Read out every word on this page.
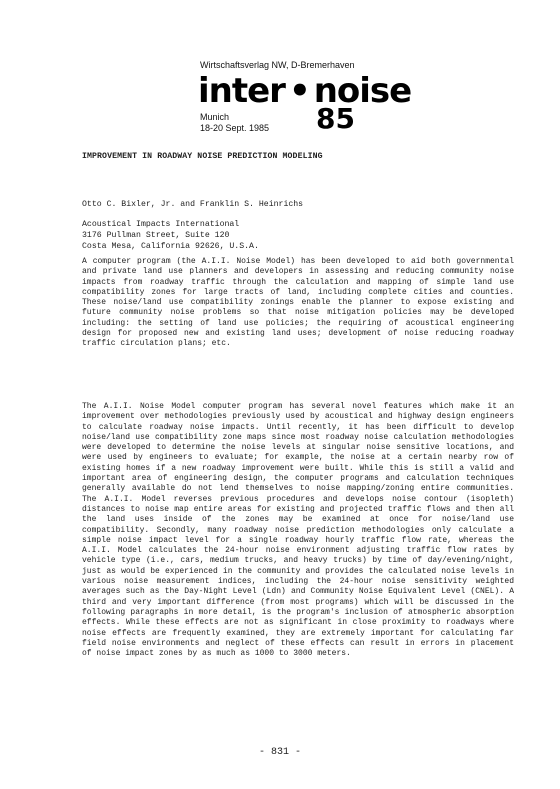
Wirtschaftsverlag NW, D-Bremerhaven
inter • noise
Munich
18-20 Sept. 1985 85
IMPROVEMENT IN ROADWAY NOISE PREDICTION MODELING
Otto C. Bixler, Jr. and Franklin S. Heinrichs
Acoustical Impacts International
3176 Pullman Street, Suite 120
Costa Mesa, California 92626, U.S.A.

A computer program (the A.I.I. Noise Model) has been developed to aid both governmental and private land use planners and developers in assessing and reducing community noise impacts from roadway traffic through the calculation and mapping of simple land use compatibility zones for large tracts of land, including complete cities and counties. These noise/land use compatibility zonings enable the planner to expose existing and future community noise problems so that noise mitigation policies may be developed including: the setting of land use policies; the requiring of acoustical engineering design for proposed new and existing land uses; development of noise reducing roadway traffic circulation plans; etc.

The A.I.I. Noise Model computer program has several novel features which make it an improvement over methodologies previously used by acoustical and highway design engineers to calculate roadway noise impacts. Until recently, it has been difficult to develop noise/land use compatibility zone maps since most roadway noise calculation methodologies were developed to determine the noise levels at singular noise sensitive locations, and were used by engineers to evaluate; for example, the noise at a certain nearby row of existing homes if a new roadway improvement were built. While this is still a valid and important area of engineering design, the computer programs and calculation techniques generally available do not lend themselves to noise mapping/zoning entire communities. The A.I.I. Model reverses previous procedures and develops noise contour (isopleth) distances to noise map entire areas for existing and projected traffic flows and then all the land uses inside of the zones may be examined at once for noise/land use compatibility. Secondly, many roadway noise prediction methodologies only calculate a simple noise impact level for a single roadway hourly traffic flow rate, whereas the A.I.I. Model calculates the 24-hour noise environment adjusting traffic flow rates by vehicle type (i.e., cars, medium trucks, and heavy trucks) by time of day/evening/night, just as would be experienced in the community and provides the calculated noise levels in various noise measurement indices, including the 24-hour noise sensitivity weighted averages such as the Day-Night Level (Ldn) and Community Noise Equivalent Level (CNEL). A third and very important difference (from most programs) which will be discussed in the following paragraphs in more detail, is the program's inclusion of atmospheric absorption effects. While these effects are not as significant in close proximity to roadways where noise effects are frequently examined, they are extremely important for calculating far field noise environments and neglect of these effects can result in errors in placement of noise impact zones by as much as 1000 to 3000 meters.

- 831 -
